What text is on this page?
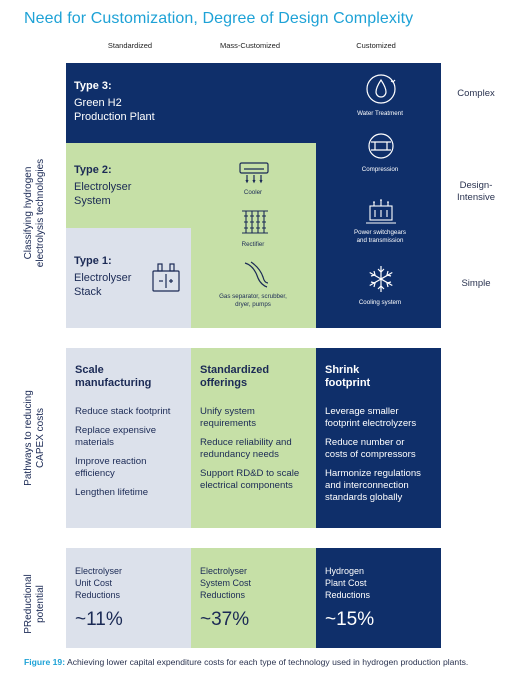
Need for Customization, Degree of Design Complexity
Standardized	Mass-Customized	Customized
Classifying hydrogen
electrolysis technologies
Pathways to reducing
CAPEX costs
PReductional
potential
Complex
Design-
Intensive
Simple
Type 3:
Green H2
Production Plant
Type 2:
Electrolyser
System
Type 1:
Electrolyser
Stack
Cooler
Rectifier
Gas separator, scrubber,
dryer, pumps
Water Treatment
Compression
Power switchgears
and transmission
Cooling system
Scale
manufacturing
Reduce stack footprint
Replace expensive
materials
Improve reaction
efficiency
Lengthen lifetime
Standardized
offerings
Unify system
requirements
Reduce reliability and
redundancy needs
Support RD&D to scale
electrical components
Shrink
footprint
Leverage smaller
footprint electrolyzers
Reduce number or
costs of compressors
Harmonize regulations
and interconnection
standards globally
Electrolyser
Unit Cost
Reductions
~11%
Electrolyser
System Cost
Reductions
~37%
Hydrogen
Plant Cost
Reductions
~15%
Figure 19: Achieving lower capital expenditure costs for each type of technology used in hydrogen production plants.
